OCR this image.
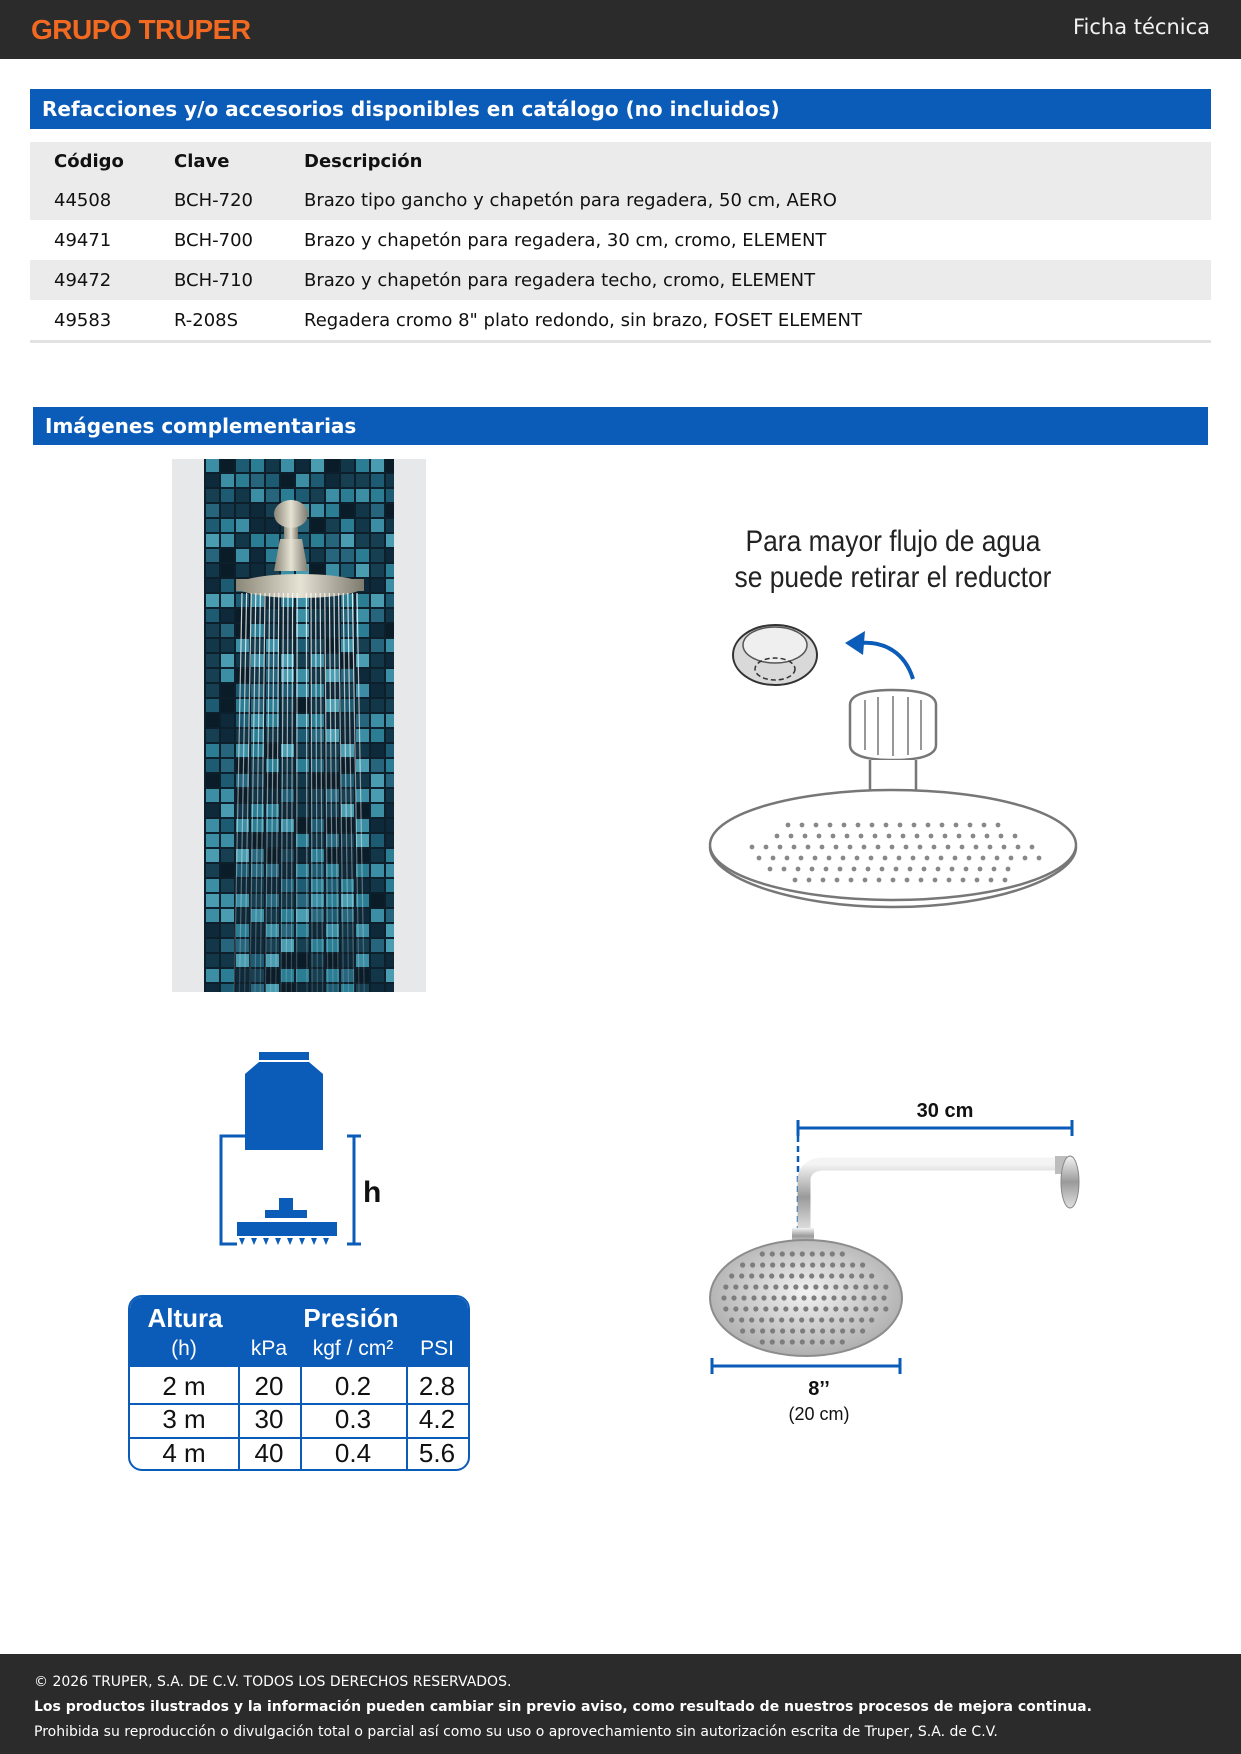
GRUPO TRUPER	Ficha técnica
Refacciones y/o accesorios disponibles en catálogo (no incluidos)
Código	Clave	Descripción
44508	BCH-720	Brazo tipo gancho y chapetón para regadera, 50 cm, AERO
49471	BCH-700	Brazo y chapetón para regadera, 30 cm, cromo, ELEMENT
49472	BCH-710	Brazo y chapetón para regadera techo, cromo, ELEMENT
49583	R-208S	Regadera cromo 8" plato redondo, sin brazo, FOSET ELEMENT
Imágenes complementarias
Para mayor flujo de agua
se puede retirar el reductor
h
Altura	Presión
(h)	kPa	kgf / cm²	PSI
2 m	20	0.2	2.8
3 m	30	0.3	4.2
4 m	40	0.4	5.6
30 cm
8’’
(20 cm)
© 2026 TRUPER, S.A. DE C.V. TODOS LOS DERECHOS RESERVADOS.
Los productos ilustrados y la información pueden cambiar sin previo aviso, como resultado de nuestros procesos de mejora continua.
Prohibida su reproducción o divulgación total o parcial así como su uso o aprovechamiento sin autorización escrita de Truper, S.A. de C.V.
